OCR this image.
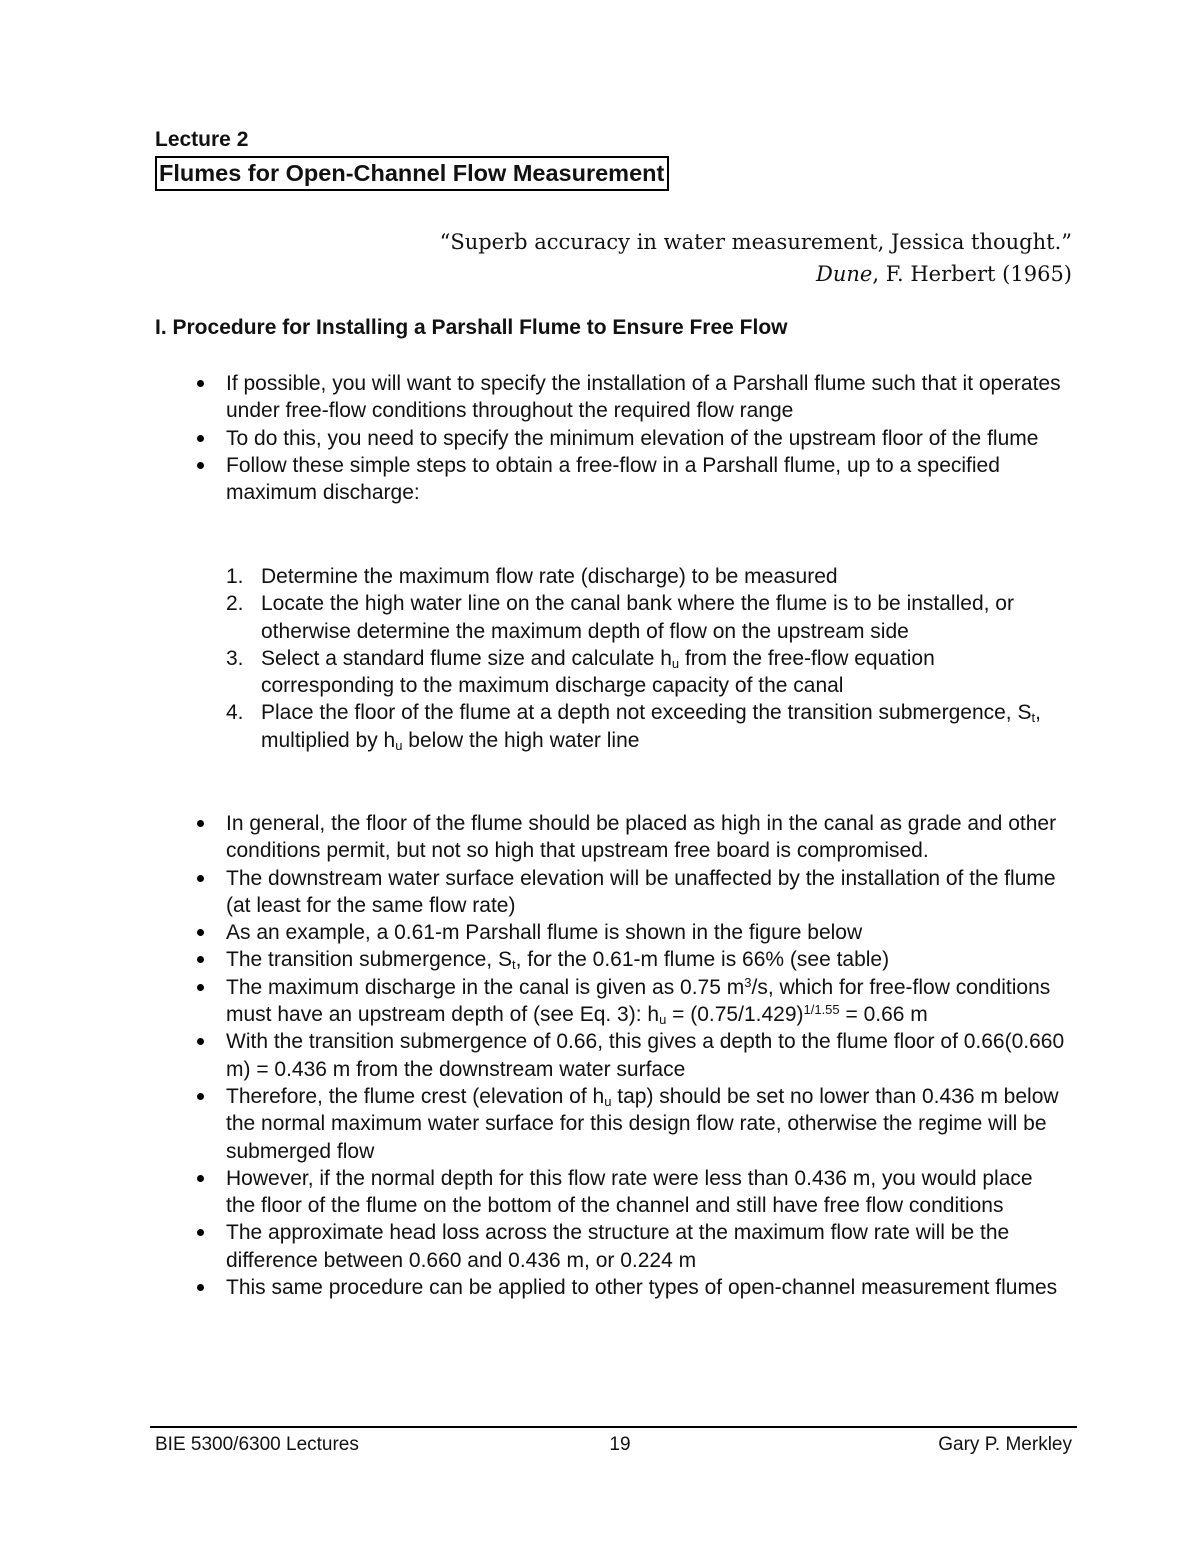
Lecture 2
Flumes for Open-Channel Flow Measurement
“Superb accuracy in water measurement, Jessica thought.”
Dune, F. Herbert (1965)
I. Procedure for Installing a Parshall Flume to Ensure Free Flow
If possible, you will want to specify the installation of a Parshall flume such that it operates under free-flow conditions throughout the required flow range
To do this, you need to specify the minimum elevation of the upstream floor of the flume
Follow these simple steps to obtain a free-flow in a Parshall flume, up to a specified maximum discharge:
1. Determine the maximum flow rate (discharge) to be measured
2. Locate the high water line on the canal bank where the flume is to be installed, or otherwise determine the maximum depth of flow on the upstream side
3. Select a standard flume size and calculate $h_u$ from the free-flow equation corresponding to the maximum discharge capacity of the canal
4. Place the floor of the flume at a depth not exceeding the transition submergence, $S_t$, multiplied by $h_u$ below the high water line
In general, the floor of the flume should be placed as high in the canal as grade and other conditions permit, but not so high that upstream free board is compromised.
The downstream water surface elevation will be unaffected by the installation of the flume (at least for the same flow rate)
As an example, a 0.61-m Parshall flume is shown in the figure below
The transition submergence, $S_t$, for the 0.61-m flume is 66% (see table)
The maximum discharge in the canal is given as 0.75 $m^3/s$, which for free-flow conditions must have an upstream depth of (see Eq. 3): $h_u = (0.75/1.429)^{1/1.55} = 0.66$ m
With the transition submergence of 0.66, this gives a depth to the flume floor of 0.66(0.660 m) = 0.436 m from the downstream water surface
Therefore, the flume crest (elevation of $h_u$ tap) should be set no lower than 0.436 m below the normal maximum water surface for this design flow rate, otherwise the regime will be submerged flow
However, if the normal depth for this flow rate were less than 0.436 m, you would place the floor of the flume on the bottom of the channel and still have free flow conditions
The approximate head loss across the structure at the maximum flow rate will be the difference between 0.660 and 0.436 m, or 0.224 m
This same procedure can be applied to other types of open-channel measurement flumes
BIE 5300/6300 Lectures	19	Gary P. Merkley
